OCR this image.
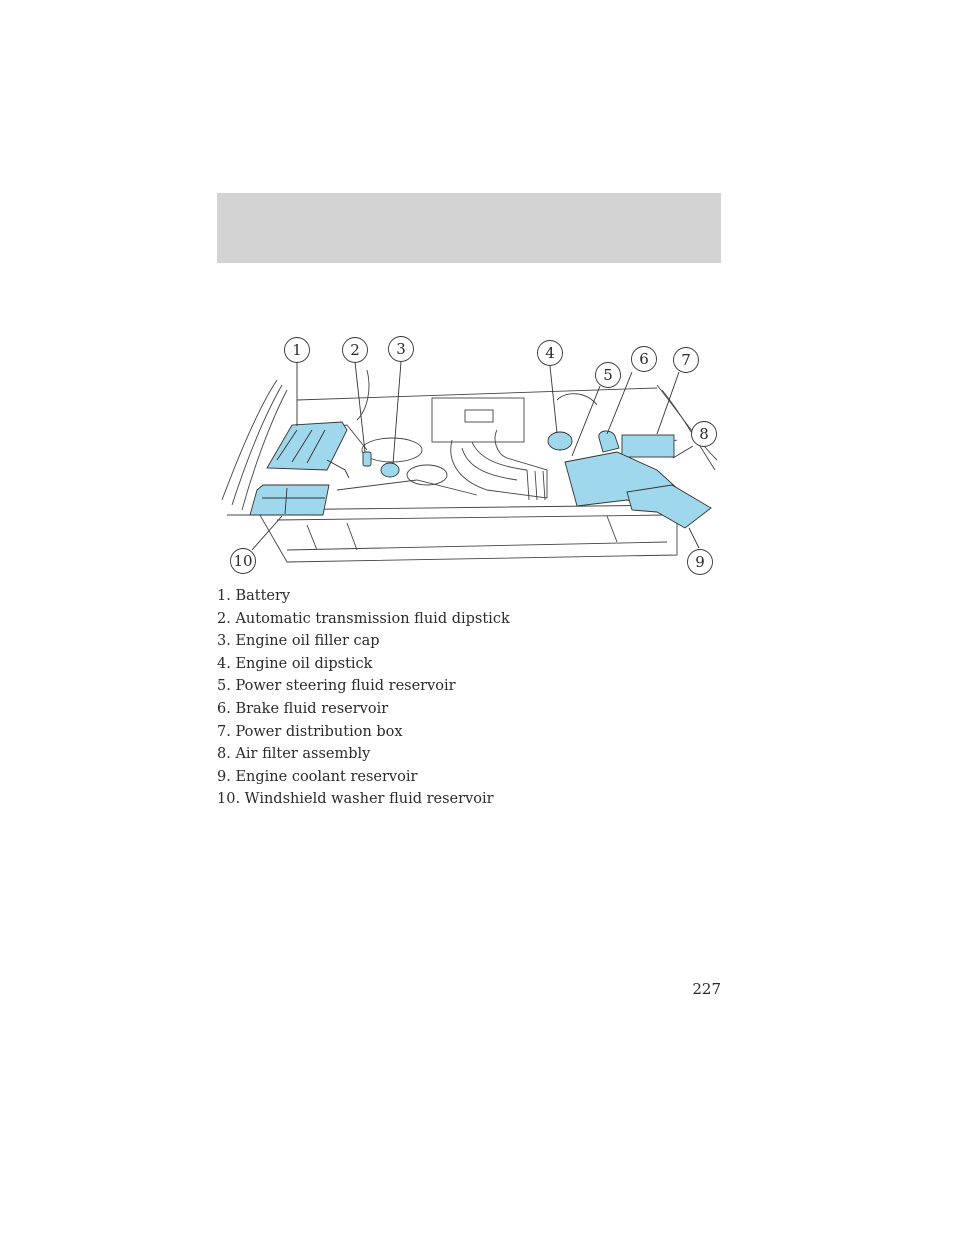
1	2 3	4
5
6 7
8
9
10
1. Battery
2. Automatic transmission fluid dipstick
3. Engine oil filler cap
4. Engine oil dipstick
5. Power steering fluid reservoir
6. Brake fluid reservoir
7. Power distribution box
8. Air filter assembly
9. Engine coolant reservoir
10. Windshield washer fluid reservoir
227
